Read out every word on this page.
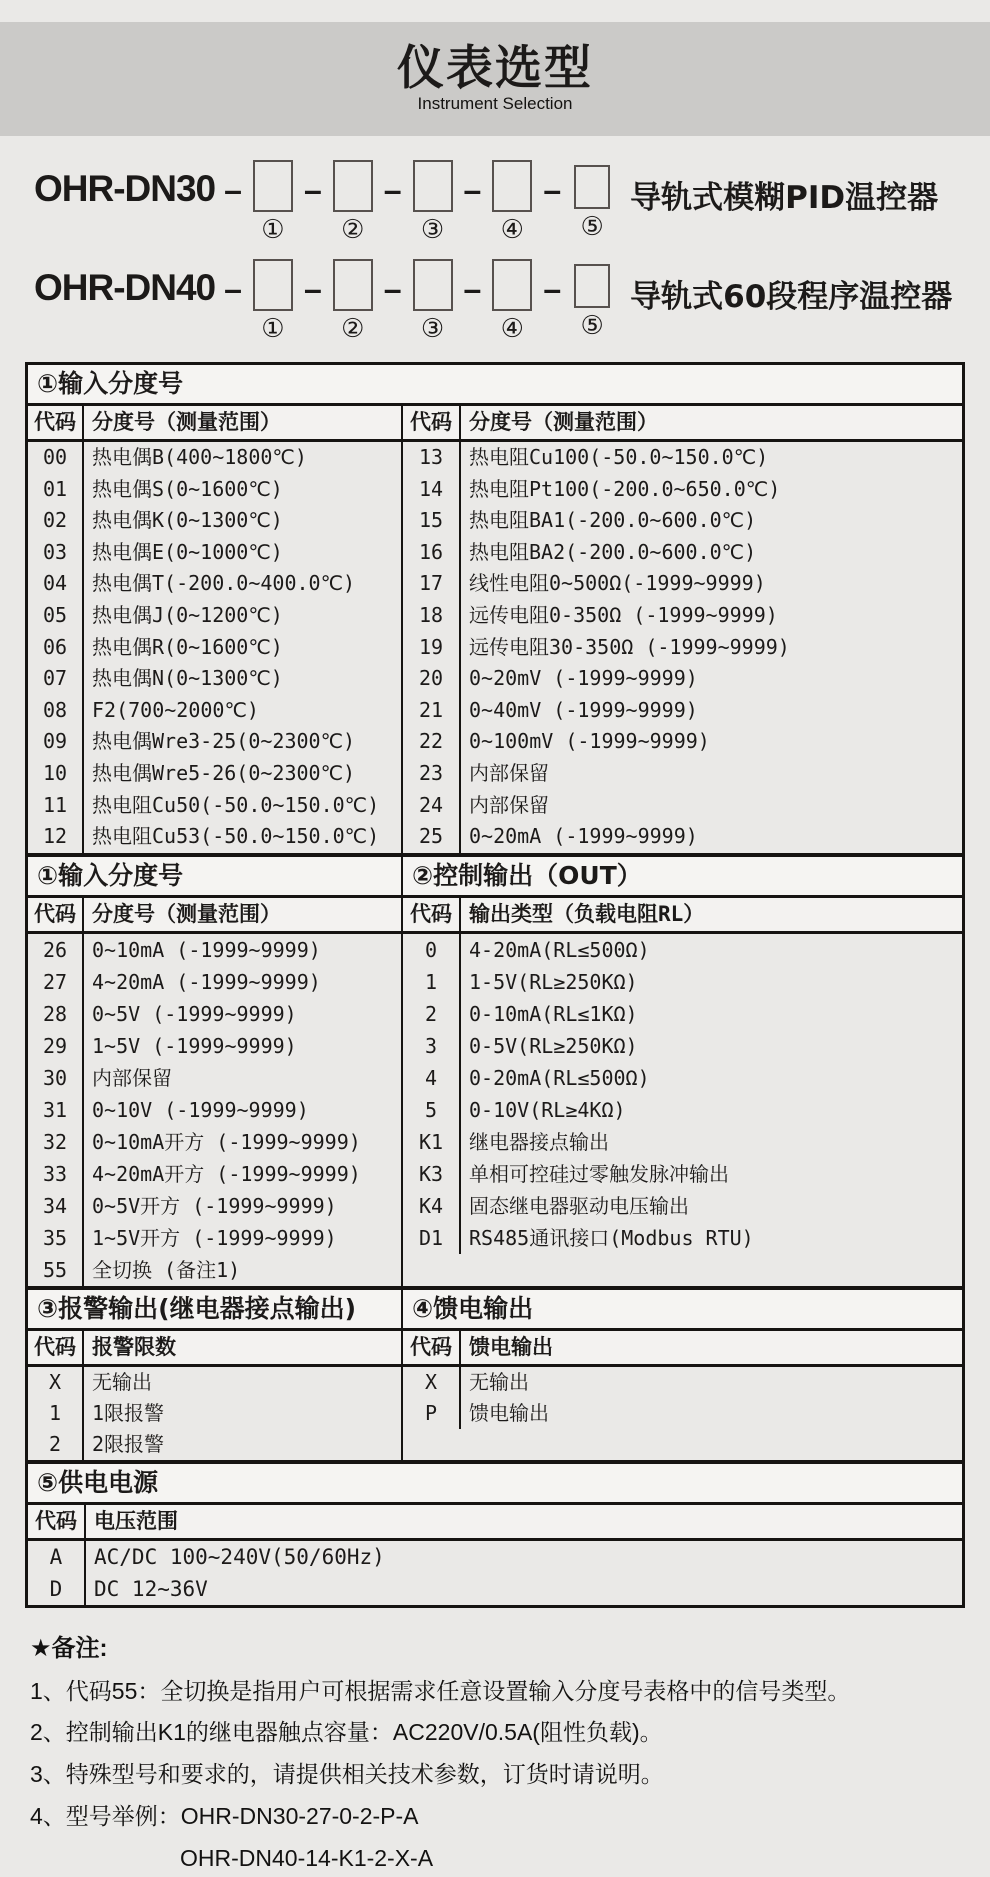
仪表选型
Instrument Selection
OHR-DN30 –
①
–
②
–
③
–
④
–
⑤
导轨式模糊PID温控器
OHR-DN40 –
①
–
②
–
③
–
④
–
⑤
导轨式60段程序温控器
①输入分度号
代码 分度号（测量范围）
00	热电偶B(400~1800℃)
01	热电偶S(0~1600℃)
02	热电偶K(0~1300℃)
03	热电偶E(0~1000℃)
04	热电偶T(-200.0~400.0℃)
05	热电偶J(0~1200℃)
06	热电偶R(0~1600℃)
07	热电偶N(0~1300℃)
08	F2(700~2000℃)
09	热电偶Wre3-25(0~2300℃)
10	热电偶Wre5-26(0~2300℃)
11	热电阻Cu50(-50.0~150.0℃)
12	热电阻Cu53(-50.0~150.0℃)
代码 分度号（测量范围）
13	热电阻Cu100(-50.0~150.0℃)
14	热电阻Pt100(-200.0~650.0℃)
15	热电阻BA1(-200.0~600.0℃)
16	热电阻BA2(-200.0~600.0℃)
17	线性电阻0~500Ω(-1999~9999)
18	远传电阻0-350Ω (-1999~9999)
19	远传电阻30-350Ω (-1999~9999)
20	0~20mV (-1999~9999)
21	0~40mV (-1999~9999)
22	0~100mV (-1999~9999)
23	内部保留
24	内部保留
25	0~20mA (-1999~9999)
①输入分度号
代码 分度号（测量范围）
26	0~10mA (-1999~9999)
27	4~20mA (-1999~9999)
28	0~5V (-1999~9999)
29	1~5V (-1999~9999)
30	内部保留
31	0~10V (-1999~9999)
32	0~10mA开方 (-1999~9999)
33	4~20mA开方 (-1999~9999)
34	0~5V开方 (-1999~9999)
35	1~5V开方 (-1999~9999)
55	全切换 (备注1)
②控制输出（OUT）
代码 输出类型（负载电阻RL）
0	4-20mA(RL≤500Ω)
1	1-5V(RL≥250KΩ)
2	0-10mA(RL≤1KΩ)
3	0-5V(RL≥250KΩ)
4	0-20mA(RL≤500Ω)
5	0-10V(RL≥4KΩ)
K1	继电器接点输出
K3	单相可控硅过零触发脉冲输出
K4	固态继电器驱动电压输出
D1	RS485通讯接口(Modbus RTU)
③报警输出(继电器接点输出)
代码 报警限数
X	无输出
1	1限报警
2	2限报警
④馈电输出
代码 馈电输出
X	无输出
P	馈电输出
⑤供电电源
代码 电压范围
A	AC/DC 100~240V(50/60Hz)
D	DC 12~36V
★备注:
1、代码55：全切换是指用户可根据需求任意设置输入分度号表格中的信号类型。
2、控制输出K1的继电器触点容量：AC220V/0.5A(阻性负载)。
3、特殊型号和要求的，请提供相关技术参数，订货时请说明。
4、型号举例：OHR-DN30-27-0-2-P-A
OHR-DN40-14-K1-2-X-A
